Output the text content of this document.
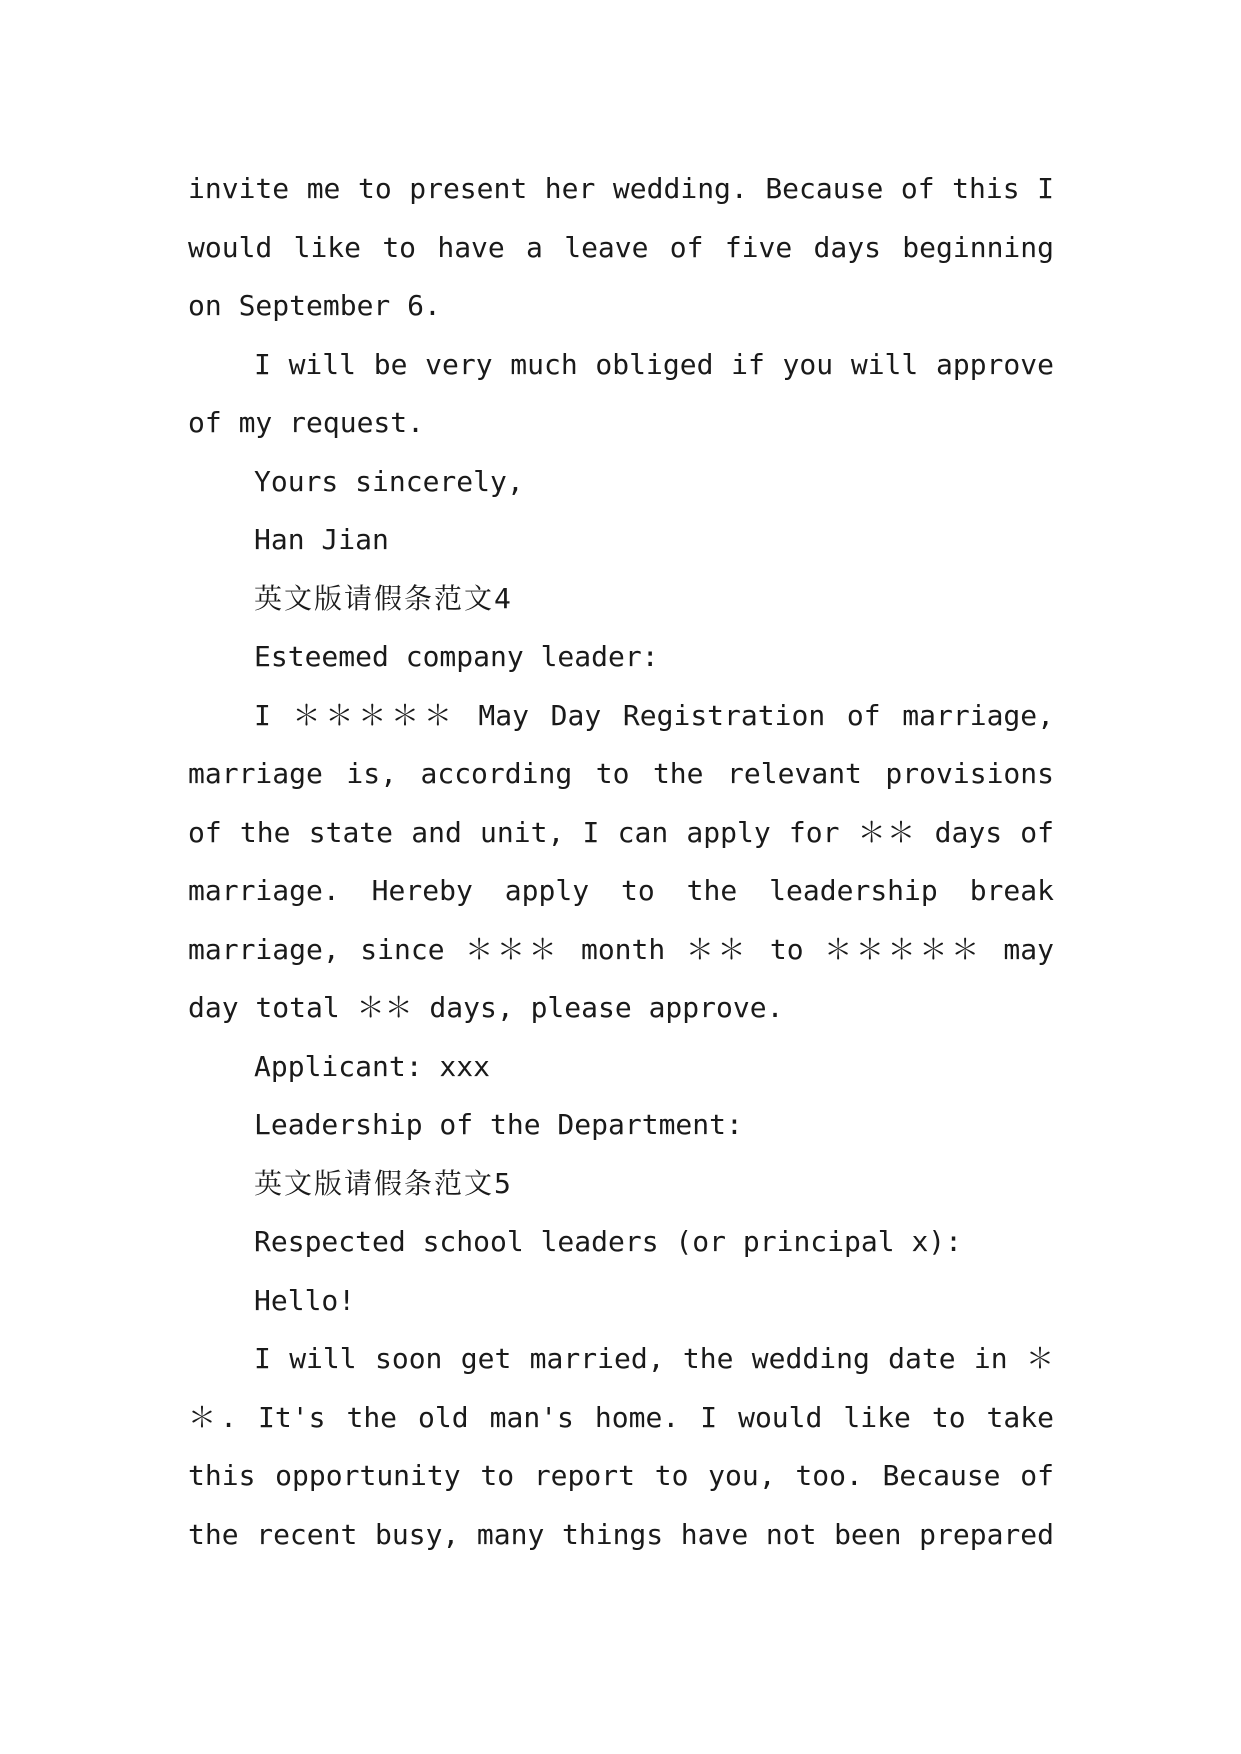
invite me to present her wedding. Because of this I
would like to have a leave of five days beginning
on September 6.
I will be very much obliged if you will approve
of my request.
Yours sincerely,
Han Jian
英文版请假条范文4
Esteemed company leader:
I ＊＊＊＊＊ May Day Registration of marriage,
marriage is, according to the relevant provisions
of the state and unit, I can apply for ＊＊ days of
marriage. Hereby apply to the leadership break
marriage, since ＊＊＊ month ＊＊ to ＊＊＊＊＊ may
day total ＊＊ days, please approve.
Applicant: xxx
Leadership of the Department:
英文版请假条范文5
Respected school leaders (or principal x):
Hello!
I will soon get married, the wedding date in ＊
＊. It's the old man's home. I would like to take
this opportunity to report to you, too. Because of
the recent busy, many things have not been prepared
